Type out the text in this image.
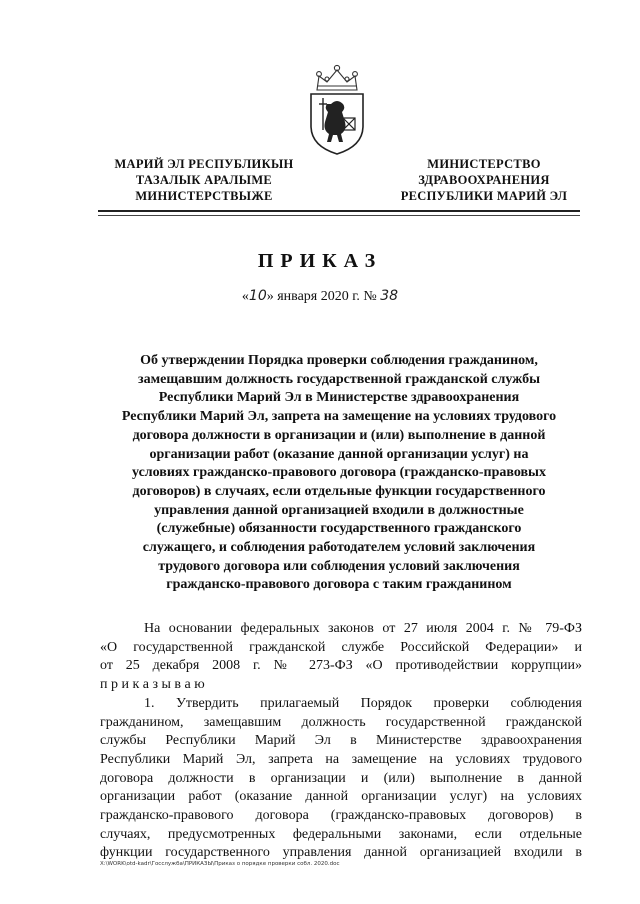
МАРИЙ ЭЛ РЕСПУБЛИКЫН
ТАЗАЛЫК АРАЛЫМЕ
МИНИСТЕРСТВЫЖЕ
МИНИСТЕРСТВО
ЗДРАВООХРАНЕНИЯ
РЕСПУБЛИКИ МАРИЙ ЭЛ
ПРИКАЗ
«10» января 2020 г. № 38
Об утверждении Порядка проверки соблюдения гражданином,
замещавшим должность государственной гражданской службы
Республики Марий Эл в Министерстве здравоохранения
Республики Марий Эл, запрета на замещение на условиях трудового
договора должности в организации и (или) выполнение в данной
организации работ (оказание данной организации услуг) на
условиях гражданско-правового договора (гражданско-правовых
договоров) в случаях, если отдельные функции государственного
управления данной организацией входили в должностные
(служебные) обязанности государственного гражданского
служащего, и соблюдения работодателем условий заключения
трудового договора или соблюдения условий заключения
гражданско-правового договора с таким гражданином
На основании федеральных законов от 27 июля 2004 г. № 79-ФЗ
«О государственной гражданской службе Российской Федерации» и
от 25 декабря 2008 г. № 273-ФЗ «О противодействии коррупции»
п р и к а з ы в а ю
1. Утвердить прилагаемый Порядок проверки соблюдения
гражданином, замещавшим должность государственной гражданской
службы Республики Марий Эл в Министерстве здравоохранения
Республики Марий Эл, запрета на замещение на условиях трудового
договора должности в организации и (или) выполнение в данной
организации работ (оказание данной организации услуг) на условиях
гражданско-правового договора (гражданско-правовых договоров) в
случаях, предусмотренных федеральными законами, если отдельные
функции государственного управления данной организацией входили в
X:\WORK\otd-kadr\Госслужба\ПРИКАЗЫ\Приказ о порядке проверки собл. 2020.doc
